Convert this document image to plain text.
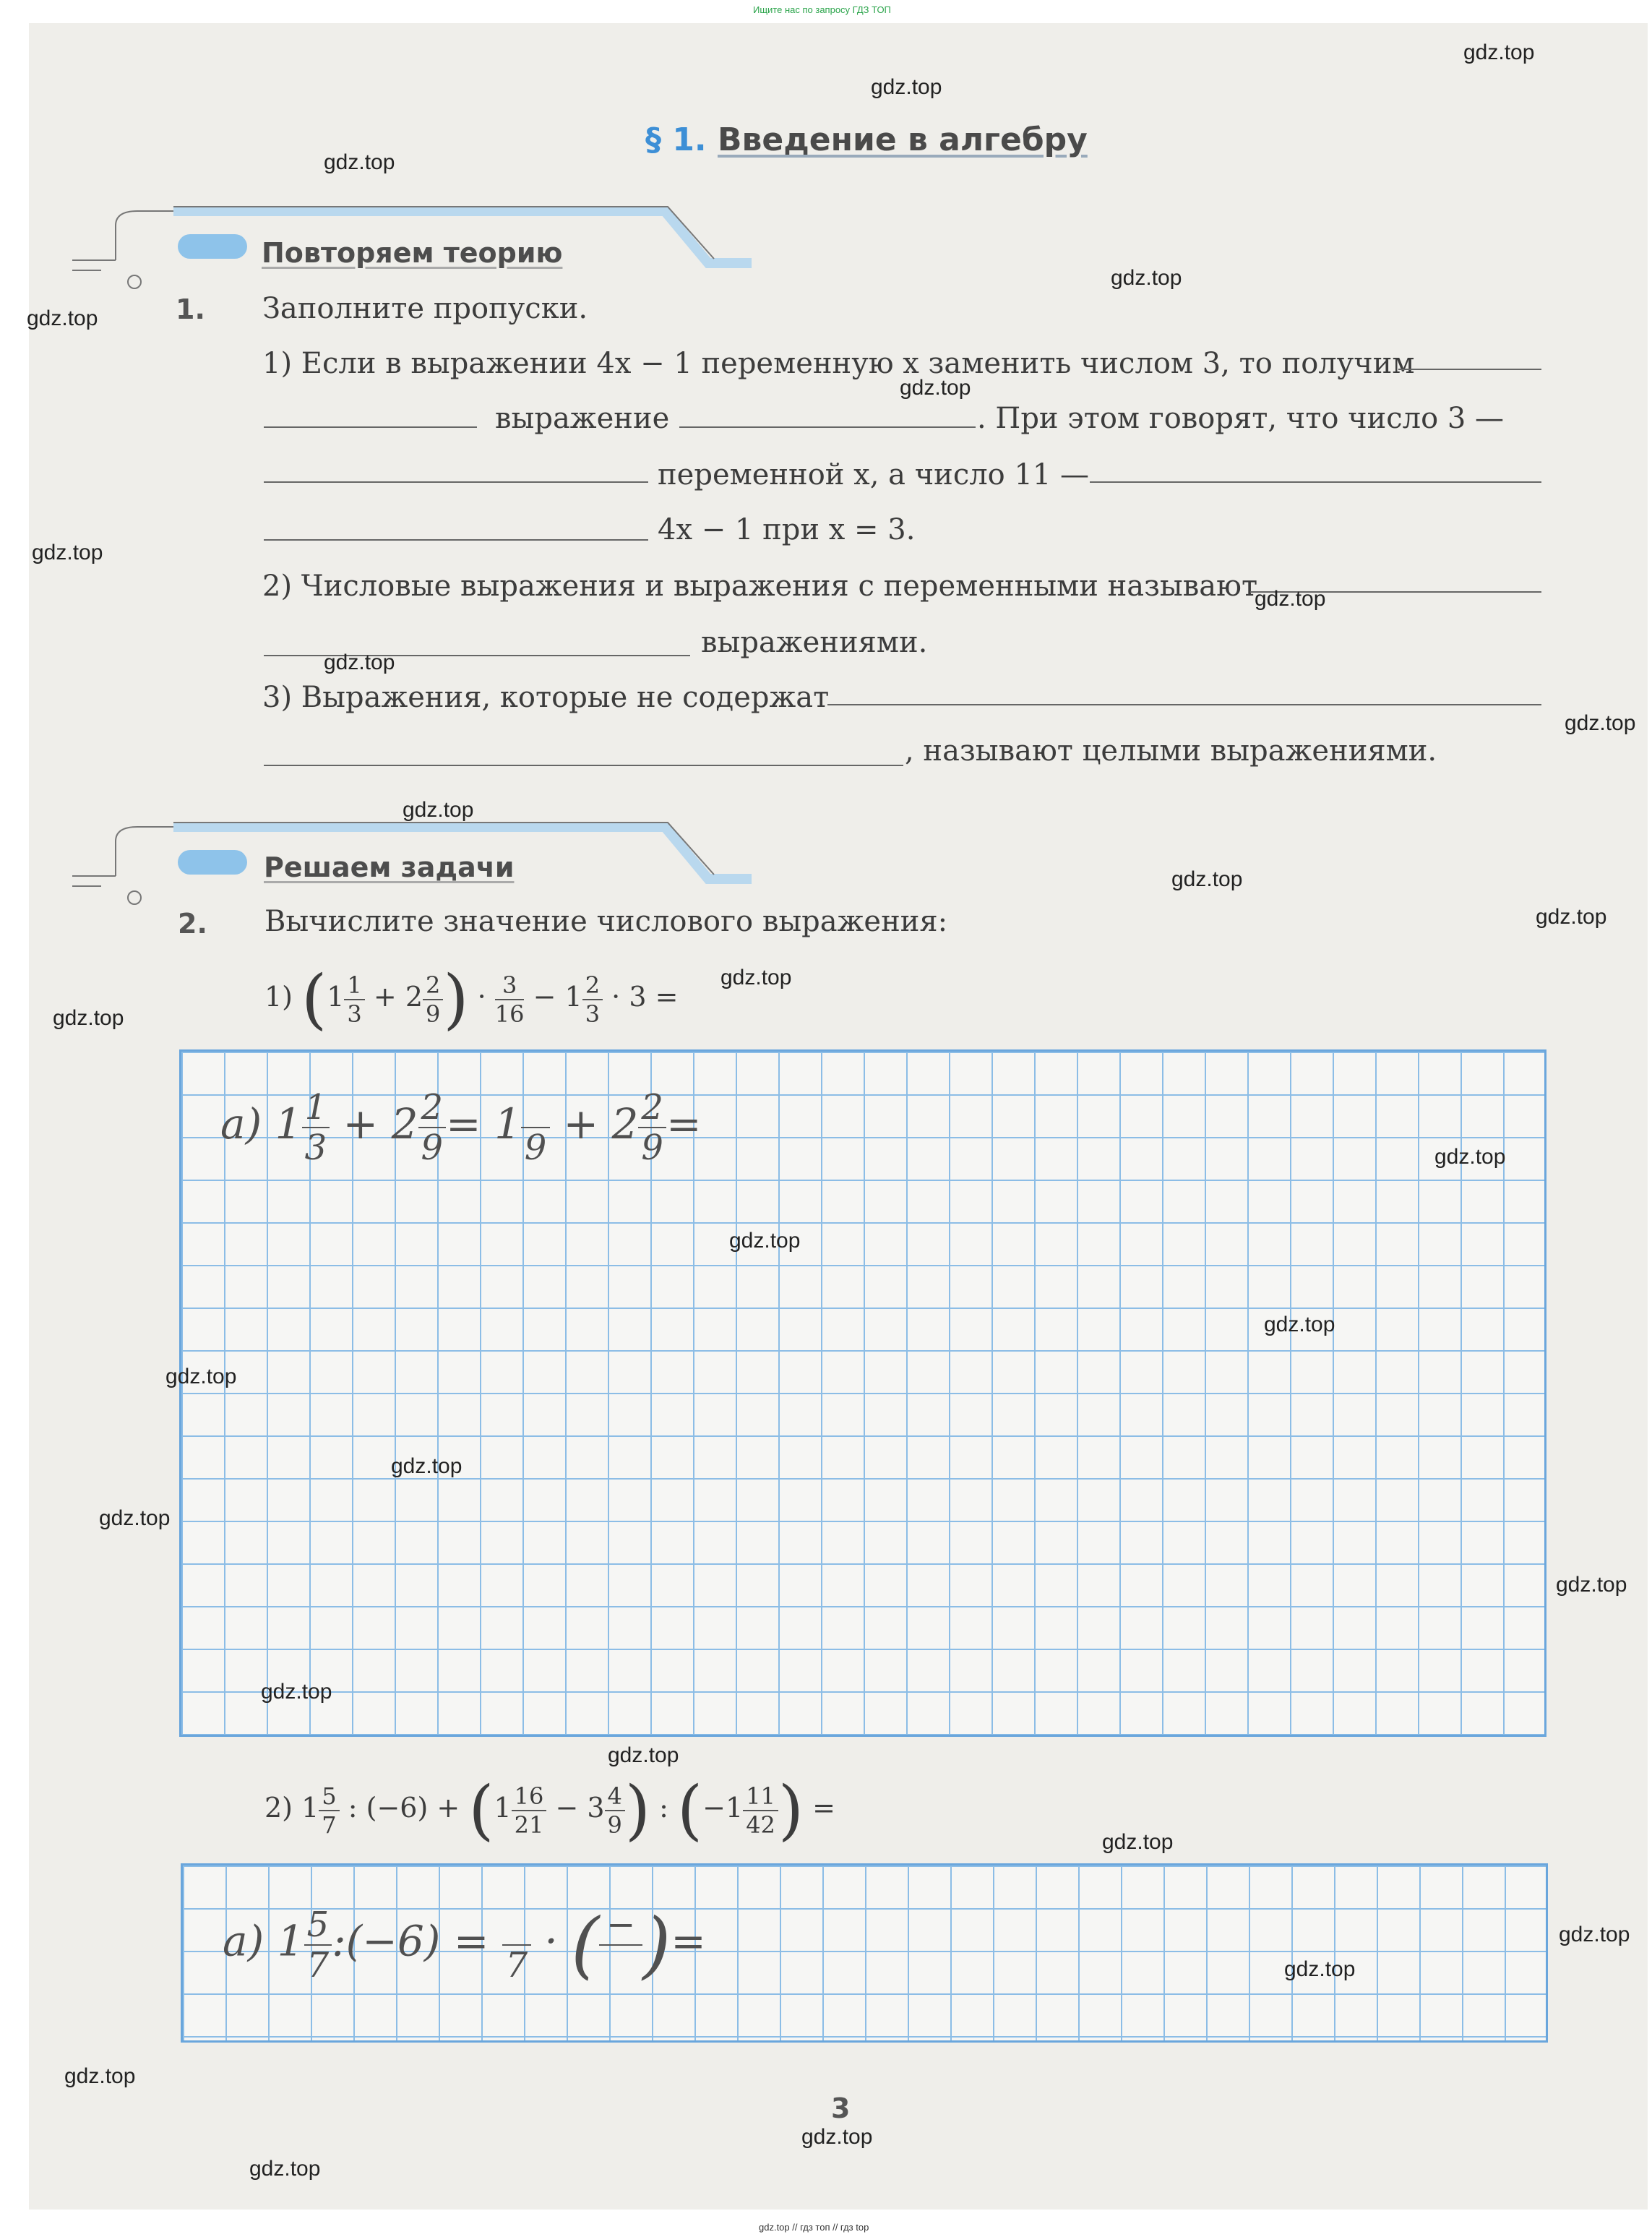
Ищите нас по запросу ГДЗ ТОП
gdz.top // гдз топ // гдз top
§ 1. Введение в алгебру
Повторяем теорию
1. Заполните пропуски.
1) Если в выражении 4x − 1 переменную x заменить числом 3, то получим
выражение	. При этом говорят, что число 3 —
переменной x, а число 11 —
4x − 1 при x = 3.
2) Числовые выражения и выражения с переменными называют
выражениями.
3) Выражения, которые не содержат
, называют целыми выражениями.
Решаем задачи
2. Вычислите значение числового выражения:
1) ($1 \frac{1}{3} + 2 \frac{2}{9}$ ) · $\frac{3}{16} - 1 \frac{2}{3} \cdot 3$ =
а) $1 \frac{1}{3} + 2 \frac{2}{9} = 1$ $9 + 2 \frac{2}{9}$ =
2) $1 \frac{5}{7}$ : $(-6) + (1 \frac{16}{21} - 3 \frac{4}{9}$ ) : ($-1 \frac{11}{42}$ ) =
а) $1 \frac{5}{7}$ :(−6) = 7 · ( − )=
3
gdz.top
gdz.top
gdz.top
gdz.top
gdz.top
gdz.top
gdz.top
gdz.top
gdz.top
gdz.top
gdz.top
gdz.top
gdz.top
gdz.top
gdz.top
gdz.top
gdz.top
gdz.top
gdz.top
gdz.top
gdz.top
gdz.top
gdz.top
gdz.top
gdz.top
gdz.top
gdz.top
gdz.top
gdz.top
gdz.top
